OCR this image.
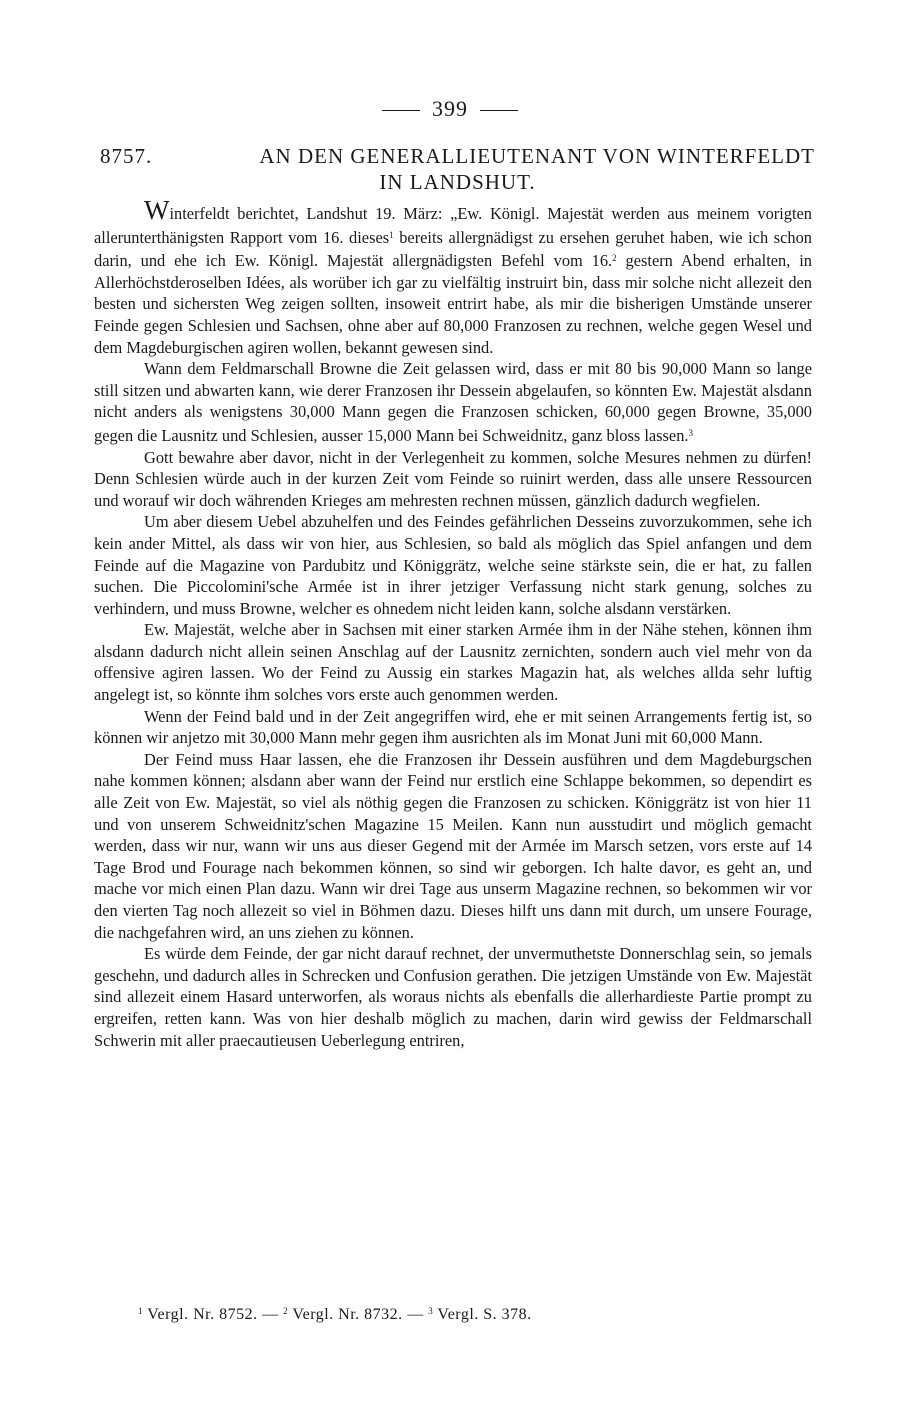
399
8757.	AN DEN GENERALLIEUTENANT VON WINTERFELDT
IN LANDSHUT.

Winterfeldt berichtet, Landshut 19. März: „Ew. Königl. Majestät werden aus meinem vorigten allerunterthänigsten Rapport vom 16. dieses$^1$ bereits allergnädigst zu ersehen geruhet haben, wie ich schon darin, und ehe ich Ew. Königl. Majestät allergnädigsten Befehl vom 16.$^2$ gestern Abend erhalten, in Allerhöchstderoselben Idées, als worüber ich gar zu vielfältig instruirt bin, dass mir solche nicht allezeit den besten und sichersten Weg zeigen sollten, insoweit entrirt habe, als mir die bisherigen Umstände unserer Feinde gegen Schlesien und Sachsen, ohne aber auf 80,000 Franzosen zu rechnen, welche gegen Wesel und dem Magdeburgischen agiren wollen, bekannt gewesen sind.

Wann dem Feldmarschall Browne die Zeit gelassen wird, dass er mit 80 bis 90,000 Mann so lange still sitzen und abwarten kann, wie derer Franzosen ihr Dessein abgelaufen, so könnten Ew. Majestät alsdann nicht anders als wenigstens 30,000 Mann gegen die Franzosen schicken, 60,000 gegen Browne, 35,000 gegen die Lausnitz und Schlesien, ausser 15,000 Mann bei Schweidnitz, ganz bloss lassen.$^3$

Gott bewahre aber davor, nicht in der Verlegenheit zu kommen, solche Mesures nehmen zu dürfen! Denn Schlesien würde auch in der kurzen Zeit vom Feinde so ruinirt werden, dass alle unsere Ressourcen und worauf wir doch währenden Krieges am mehresten rechnen müssen, gänzlich dadurch wegfielen.

Um aber diesem Uebel abzuhelfen und des Feindes gefährlichen Desseins zuvorzukommen, sehe ich kein ander Mittel, als dass wir von hier, aus Schlesien, so bald als möglich das Spiel anfangen und dem Feinde auf die Magazine von Pardubitz und Königgrätz, welche seine stärkste sein, die er hat, zu fallen suchen. Die Piccolomini'sche Armée ist in ihrer jetziger Verfassung nicht stark genung, solches zu verhindern, und muss Browne, welcher es ohnedem nicht leiden kann, solche alsdann verstärken.

Ew. Majestät, welche aber in Sachsen mit einer starken Armée ihm in der Nähe stehen, können ihm alsdann dadurch nicht allein seinen Anschlag auf der Lausnitz zernichten, sondern auch viel mehr von da offensive agiren lassen. Wo der Feind zu Aussig ein starkes Magazin hat, als welches allda sehr luftig angelegt ist, so könnte ihm solches vors erste auch genommen werden.

Wenn der Feind bald und in der Zeit angegriffen wird, ehe er mit seinen Arrangements fertig ist, so können wir anjetzo mit 30,000 Mann mehr gegen ihm ausrichten als im Monat Juni mit 60,000 Mann.

Der Feind muss Haar lassen, ehe die Franzosen ihr Dessein ausführen und dem Magdeburgschen nahe kommen können; alsdann aber wann der Feind nur erstlich eine Schlappe bekommen, so dependirt es alle Zeit von Ew. Majestät, so viel als nöthig gegen die Franzosen zu schicken. Königgrätz ist von hier 11 und von unserem Schweidnitz'schen Magazine 15 Meilen. Kann nun ausstudirt und möglich gemacht werden, dass wir nur, wann wir uns aus dieser Gegend mit der Armée im Marsch setzen, vors erste auf 14 Tage Brod und Fourage nach bekommen können, so sind wir geborgen. Ich halte davor, es geht an, und mache vor mich einen Plan dazu. Wann wir drei Tage aus unserm Magazine rechnen, so bekommen wir vor den vierten Tag noch allezeit so viel in Böhmen dazu. Dieses hilft uns dann mit durch, um unsere Fourage, die nachgefahren wird, an uns ziehen zu können.

Es würde dem Feinde, der gar nicht darauf rechnet, der unvermuthetste Donnerschlag sein, so jemals geschehn, und dadurch alles in Schrecken und Confusion gerathen. Die jetzigen Umstände von Ew. Majestät sind allezeit einem Hasard unterworfen, als woraus nichts als ebenfalls die allerhardieste Partie prompt zu ergreifen, retten kann. Was von hier deshalb möglich zu machen, darin wird gewiss der Feldmarschall Schwerin mit aller praecautieusen Ueberlegung entriren,

$^1$ Vergl. Nr. 8752. — $^2$ Vergl. Nr. 8732. — $^3$ Vergl. S. 378.
